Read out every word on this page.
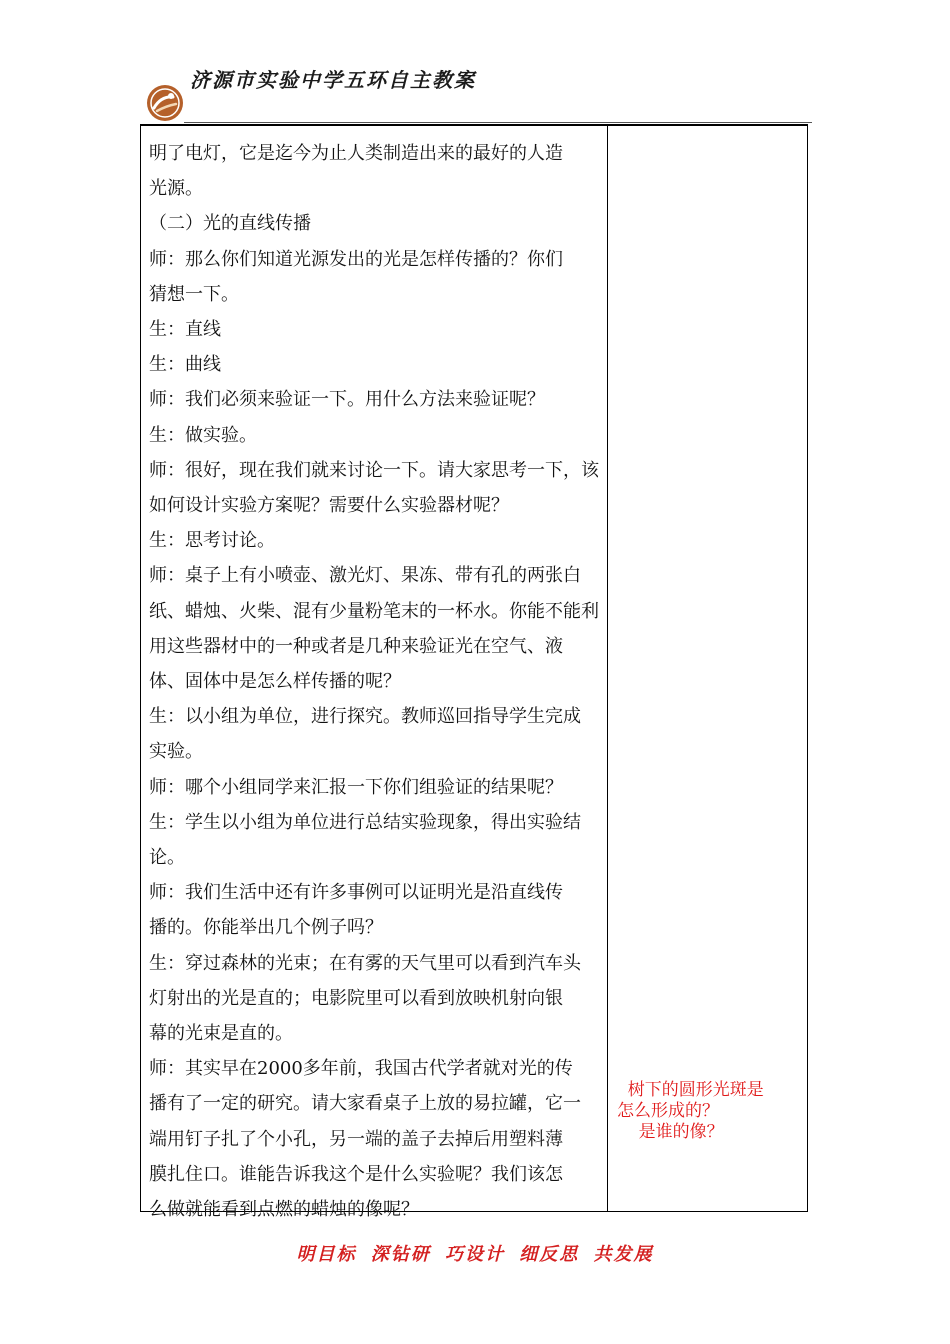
济源市实验中学五环自主教案
明了电灯，它是迄今为止人类制造出来的最好的人造
光源。
（二）光的直线传播
师：那么你们知道光源发出的光是怎样传播的？你们
猜想一下。
生：直线
生：曲线
师：我们必须来验证一下。用什么方法来验证呢？
生：做实验。
师：很好，现在我们就来讨论一下。请大家思考一下，该
如何设计实验方案呢？需要什么实验器材呢？
生：思考讨论。
师：桌子上有小喷壶、激光灯、果冻、带有孔的两张白
纸、蜡烛、火柴、混有少量粉笔末的一杯水。你能不能利
用这些器材中的一种或者是几种来验证光在空气、液
体、固体中是怎么样传播的呢？
生：以小组为单位，进行探究。教师巡回指导学生完成
实验。
师：哪个小组同学来汇报一下你们组验证的结果呢？
生：学生以小组为单位进行总结实验现象，得出实验结
论。
师：我们生活中还有许多事例可以证明光是沿直线传
播的。你能举出几个例子吗？
生：穿过森林的光束；在有雾的天气里可以看到汽车头
灯射出的光是直的；电影院里可以看到放映机射向银
幕的光束是直的。
师：其实早在2000多年前，我国古代学者就对光的传
播有了一定的研究。请大家看桌子上放的易拉罐，它一
端用钉子扎了个小孔，另一端的盖子去掉后用塑料薄
膜扎住口。谁能告诉我这个是什么实验呢？我们该怎
么做就能看到点燃的蜡烛的像呢？
树下的圆形光斑是
怎么形成的？
是谁的像？
明目标 深钻研 巧设计 细反思 共发展
